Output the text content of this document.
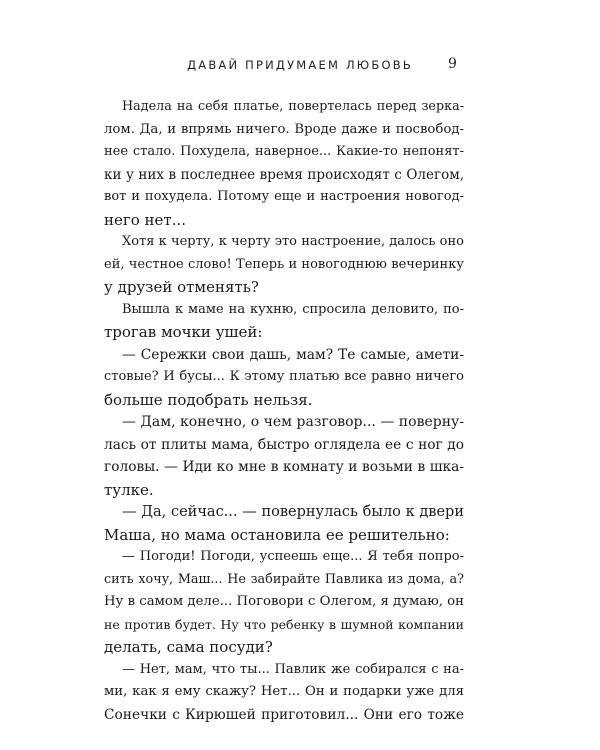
ДАВАЙ ПРИДУМАЕМ ЛЮБОВЬ	9
Надела на себя платье, повертелась перед зерка-
лом. Да, и впрямь ничего. Вроде даже и посвобод-
нее стало. Похудела, наверное... Какие-то непонят-
ки у них в последнее время происходят с Олегом,
вот и похудела. Потому еще и настроения новогод-
него нет...
Хотя к черту, к черту это настроение, далось оно
ей, честное слово! Теперь и новогоднюю вечеринку
у друзей отменять?
Вышла к маме на кухню, спросила деловито, по-
трогав мочки ушей:
— Сережки свои дашь, мам? Те самые, амети-
стовые? И бусы... К этому платью все равно ничего
больше подобрать нельзя.
— Дам, конечно, о чем разговор... — поверну-
лась от плиты мама, быстро оглядела ее с ног до
головы. — Иди ко мне в комнату и возьми в шка-
тулке.
— Да, сейчас... — повернулась было к двери
Маша, но мама остановила ее решительно:
— Погоди! Погоди, успеешь еще... Я тебя попро-
сить хочу, Маш... Не забирайте Павлика из дома, а?
Ну в самом деле... Поговори с Олегом, я думаю, он
не против будет. Ну что ребенку в шумной компании
делать, сама посуди?
— Нет, мам, что ты... Павлик же собирался с на-
ми, как я ему скажу? Нет... Он и подарки уже для
Сонечки с Кирюшей приготовил... Они его тоже
